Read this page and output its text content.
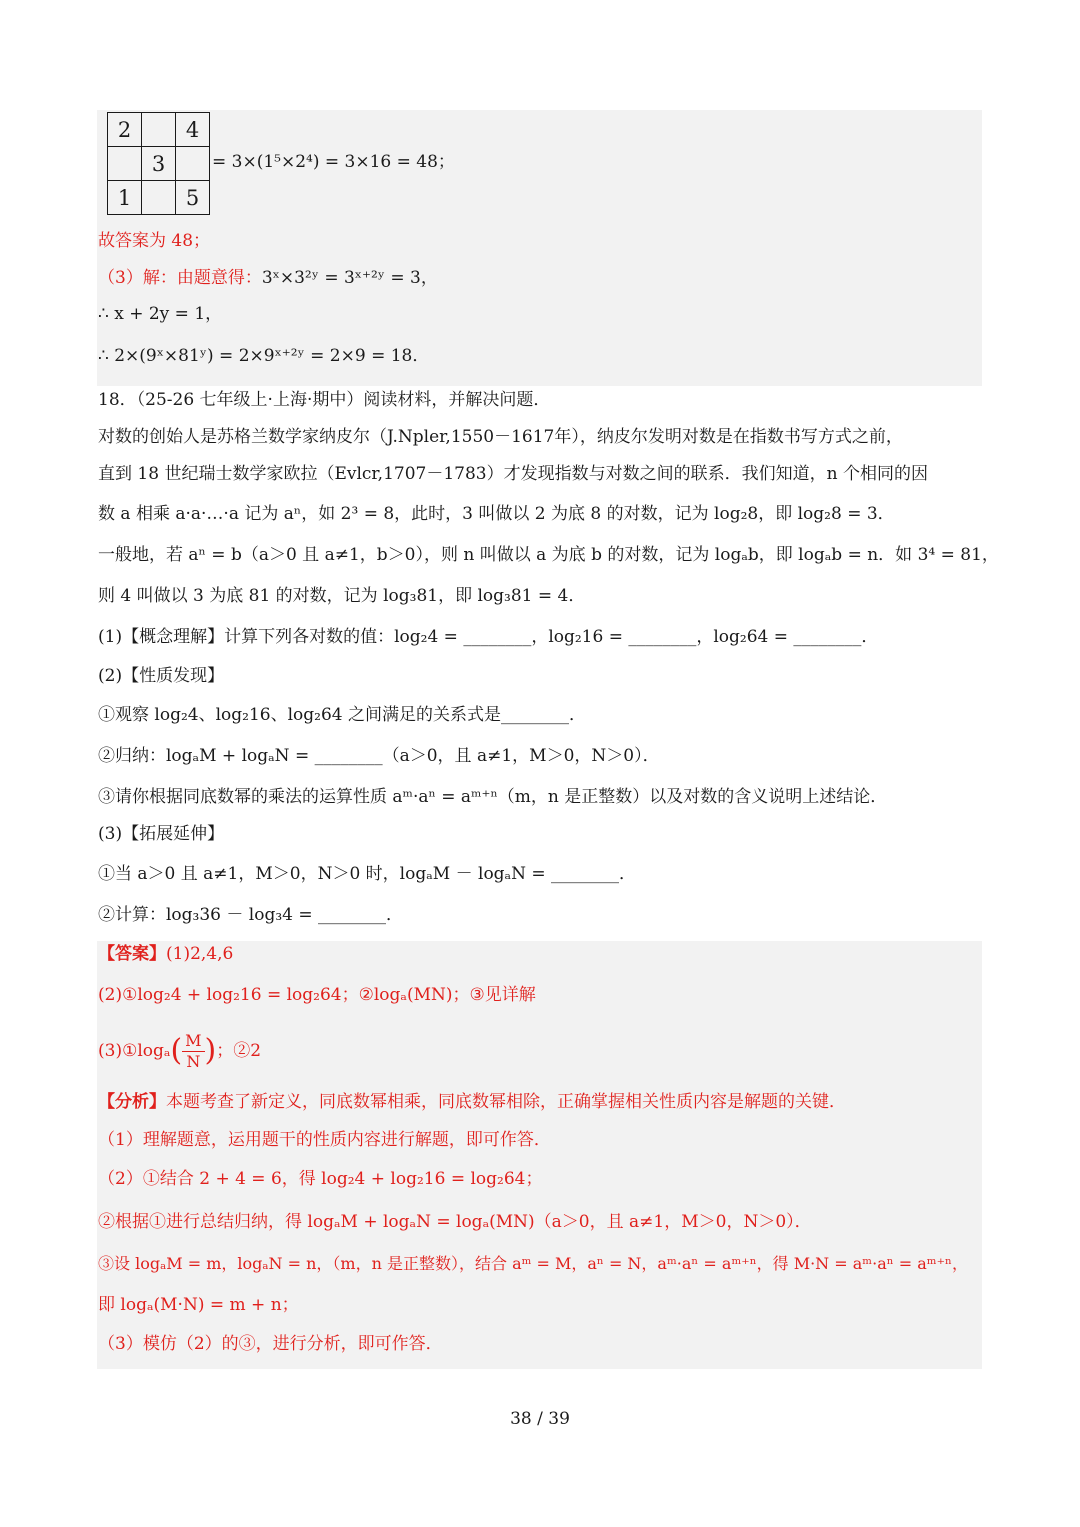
2		4
	3	
1		5
= 3×(1⁵×2⁴) = 3×16 = 48；
故答案为 48；
（3）解：由题意得：3ˣ×3²ʸ = 3ˣ⁺²ʸ = 3，
∴ x + 2y = 1，
∴ 2×(9ˣ×81ʸ) = 2×9ˣ⁺²ʸ = 2×9 = 18．
18．（25-26 七年级上·上海·期中）阅读材料，并解决问题．
对数的创始人是苏格兰数学家纳皮尔（J.Npler,1550－1617年），纳皮尔发明对数是在指数书写方式之前，
直到 18 世纪瑞士数学家欧拉（Evlcr,1707－1783）才发现指数与对数之间的联系．我们知道，n 个相同的因
数 a 相乘 a·a·…·a 记为 aⁿ，如 2³ = 8，此时，3 叫做以 2 为底 8 的对数，记为 log₂8，即 log₂8 = 3．
一般地，若 aⁿ = b（a＞0 且 a≠1，b＞0），则 n 叫做以 a 为底 b 的对数，记为 logₐb，即 logₐb = n．如 3⁴ = 81，
则 4 叫做以 3 为底 81 的对数，记为 log₃81，即 log₃81 = 4．
(1)【概念理解】计算下列各对数的值：log₂4 = ________，log₂16 = ________，log₂64 = ________．
(2)【性质发现】
①观察 log₂4、log₂16、log₂64 之间满足的关系式是________．
②归纳：logₐM + logₐN = ________（a＞0，且 a≠1，M＞0，N＞0）．
③请你根据同底数幂的乘法的运算性质 aᵐ·aⁿ = aᵐ⁺ⁿ（m，n 是正整数）以及对数的含义说明上述结论．
(3)【拓展延伸】
①当 a＞0 且 a≠1，M＞0，N＞0 时，logₐM － logₐN = ________．
②计算：log₃36 － log₃4 = ________．
【答案】(1)2,4,6
(2)①log₂4 + log₂16 = log₂64；②logₐ(MN)；③见详解
(3)①logₐ( $\frac{M}{N}$ )；②2
【分析】本题考查了新定义，同底数幂相乘，同底数幂相除，正确掌握相关性质内容是解题的关键．
（1）理解题意，运用题干的性质内容进行解题，即可作答．
（2）①结合 2 + 4 = 6，得 log₂4 + log₂16 = log₂64；
②根据①进行总结归纳，得 logₐM + logₐN = logₐ(MN)（a＞0，且 a≠1，M＞0，N＞0）．
③设 logₐM = m，logₐN = n，（m，n 是正整数），结合 aᵐ = M，aⁿ = N，aᵐ·aⁿ = aᵐ⁺ⁿ，得 M·N = aᵐ·aⁿ = aᵐ⁺ⁿ，
即 logₐ(M·N) = m + n；
（3）模仿（2）的③，进行分析，即可作答．
38 / 39
